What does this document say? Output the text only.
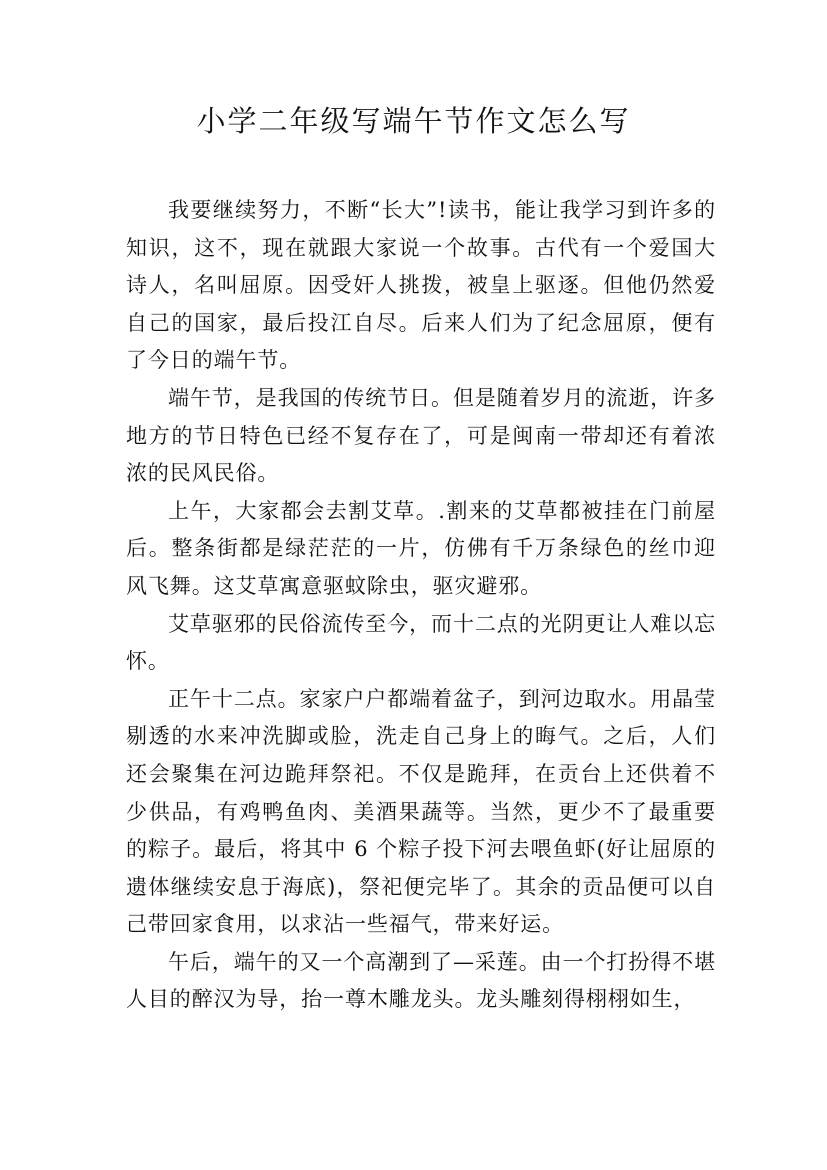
小学二年级写端午节作文怎么写

我要继续努力，不断“长大”!读书，能让我学习到许多的知识，这不，现在就跟大家说一个故事。古代有一个爱国大诗人，名叫屈原。因受奸人挑拨，被皇上驱逐。但他仍然爱自己的国家，最后投江自尽。后来人们为了纪念屈原，便有了今日的端午节。

端午节，是我国的传统节日。但是随着岁月的流逝，许多地方的节日特色已经不复存在了，可是闽南一带却还有着浓浓的民风民俗。

上午，大家都会去割艾草。.割来的艾草都被挂在门前屋后。整条街都是绿茫茫的一片，仿佛有千万条绿色的丝巾迎风飞舞。这艾草寓意驱蚊除虫，驱灾避邪。

艾草驱邪的民俗流传至今，而十二点的光阴更让人难以忘怀。

正午十二点。家家户户都端着盆子，到河边取水。用晶莹剔透的水来冲洗脚或脸，洗走自己身上的晦气。之后，人们还会聚集在河边跪拜祭祀。不仅是跪拜，在贡台上还供着不少供品，有鸡鸭鱼肉、美酒果蔬等。当然，更少不了最重要的粽子。最后，将其中 6 个粽子投下河去喂鱼虾(好让屈原的遗体继续安息于海底)，祭祀便完毕了。其余的贡品便可以自己带回家食用，以求沾一些福气，带来好运。

午后，端午的又一个高潮到了—采莲。由一个打扮得不堪人目的醉汉为导，抬一尊木雕龙头。龙头雕刻得栩栩如生，
